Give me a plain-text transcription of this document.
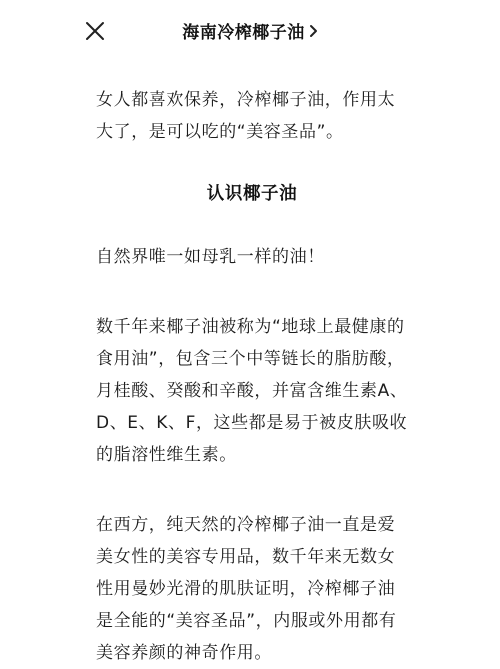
海南冷榨椰子油

女人都喜欢保养，冷榨椰子油，作用太大了，是可以吃的“美容圣品”。

认识椰子油

自然界唯一如母乳一样的油！

数千年来椰子油被称为“地球上最健康的食用油”，包含三个中等链长的脂肪酸，月桂酸、癸酸和辛酸，并富含维生素A、D、E、K、F，这些都是易于被皮肤吸收的脂溶性维生素。

在西方，纯天然的冷榨椰子油一直是爱美女性的美容专用品，数千年来无数女性用曼妙光滑的肌肤证明，冷榨椰子油是全能的“美容圣品”，内服或外用都有美容养颜的神奇作用。
